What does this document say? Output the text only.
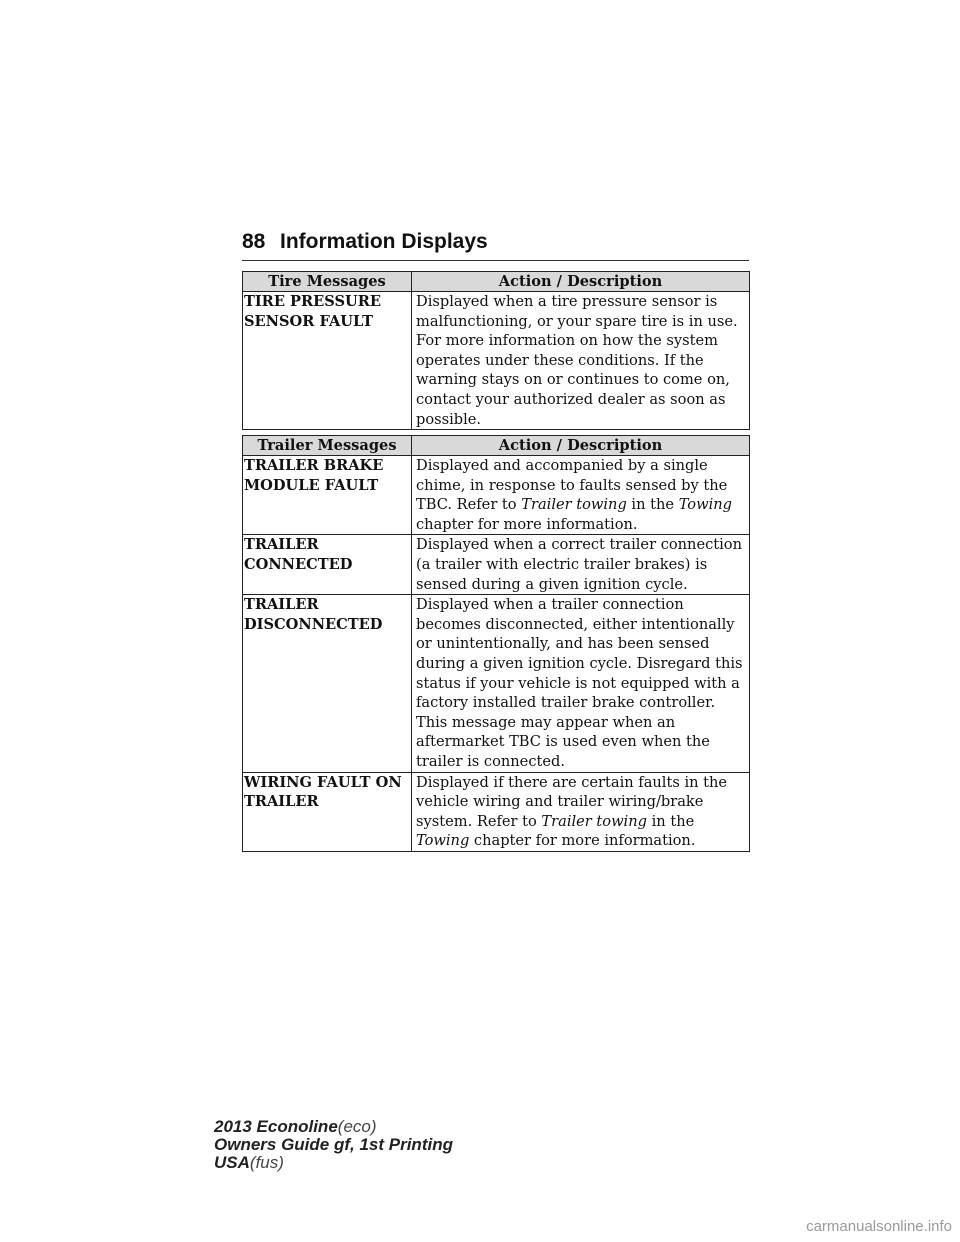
88 Information Displays
Tire Messages	Action / Description
TIRE PRESSURE
SENSOR FAULT	Displayed when a tire pressure sensor is malfunctioning, or your spare tire is in use. For more information on how the system operates under these conditions. If the warning stays on or continues to come on, contact your authorized dealer as soon as possible.
Trailer Messages	Action / Description
TRAILER BRAKE
MODULE FAULT	Displayed and accompanied by a single chime, in response to faults sensed by the TBC. Refer to Trailer towing in the Towing chapter for more information.
TRAILER
CONNECTED	Displayed when a correct trailer connection (a trailer with electric trailer brakes) is sensed during a given ignition cycle.
TRAILER
DISCONNECTED	Displayed when a trailer connection becomes disconnected, either intentionally or unintentionally, and has been sensed during a given ignition cycle. Disregard this status if your vehicle is not equipped with a factory installed trailer brake controller. This message may appear when an aftermarket TBC is used even when the trailer is connected.
WIRING FAULT ON
TRAILER	Displayed if there are certain faults in the vehicle wiring and trailer wiring/brake system. Refer to Trailer towing in the Towing chapter for more information.
2013 Econoline(eco)
Owners Guide gf, 1st Printing
USA(fus)
carmanualsonline.info
